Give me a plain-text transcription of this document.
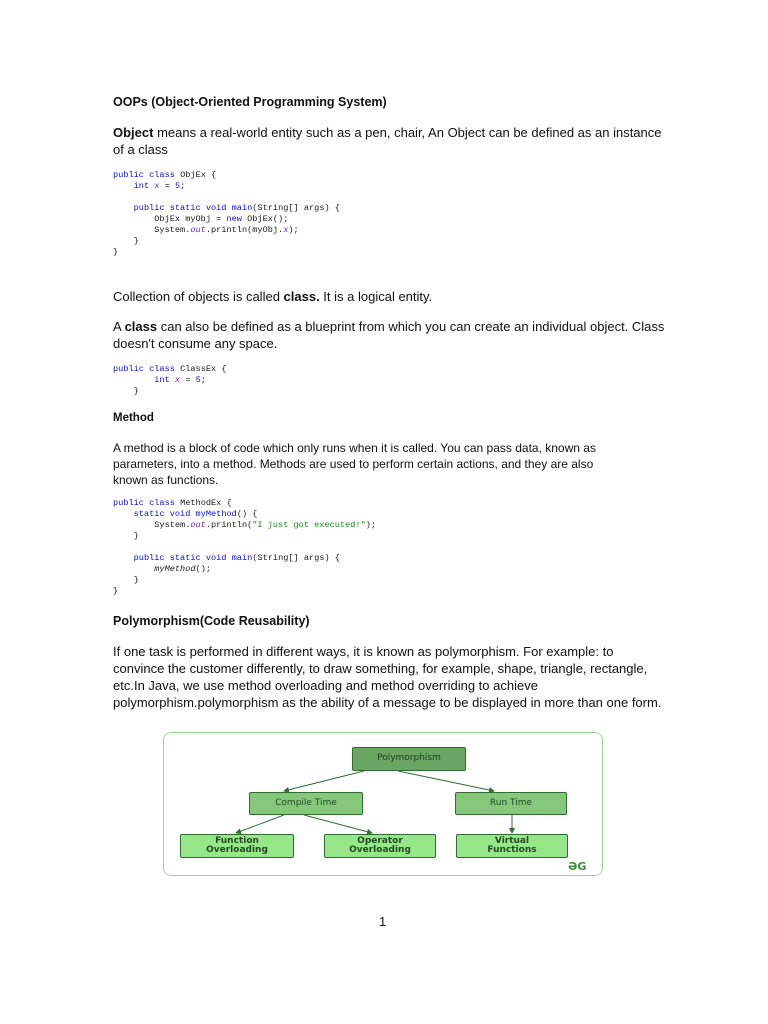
OOPs (Object-Oriented Programming System)
Object means a real-world entity such as a pen, chair, An Object can be defined as an instance
of a class
public class ObjEx {
int x = 5;

public static void main(String[] args) {
ObjEx myObj = new ObjEx();
System.out.println(myObj.x);
}
}
Collection of objects is called class. It is a logical entity.
A class can also be defined as a blueprint from which you can create an individual object. Class
doesn't consume any space.
public class ClassEx {
int x = 5;
}
Method
A method is a block of code which only runs when it is called. You can pass data, known as
parameters, into a method. Methods are used to perform certain actions, and they are also
known as functions.
public class MethodEx {
static void myMethod() {
System.out.println("I just got executed!");
}

public static void main(String[] args) {
myMethod();
}
}
Polymorphism(Code Reusability)
If one task is performed in different ways, it is known as polymorphism. For example: to
convince the customer differently, to draw something, for example, shape, triangle, rectangle,
etc.In Java, we use method overloading and method overriding to achieve
polymorphism.polymorphism as the ability of a message to be displayed in more than one form.
Polymorphism
Compile Time	Run Time
Function
Overloading
Operator
Overloading
Virtual
Functions
ƏG
1
